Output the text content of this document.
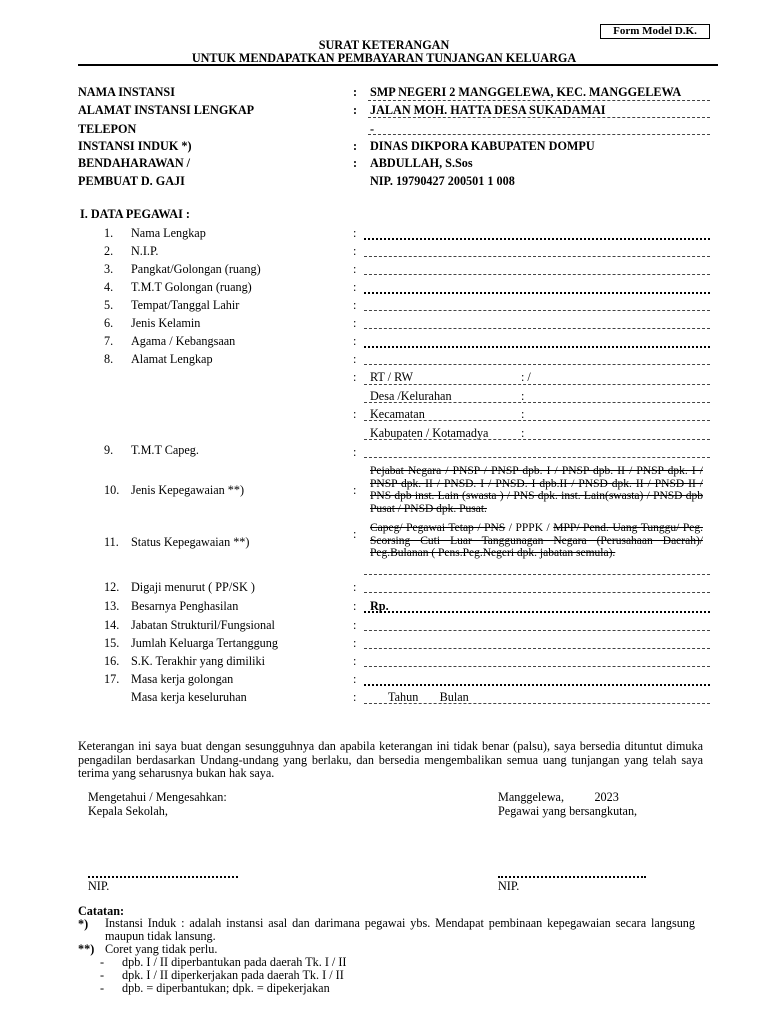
Form Model D.K.
SURAT KETERANGAN
UNTUK MENDAPATKAN PEMBAYARAN TUNJANGAN KELUARGA
NAMA INSTANSI	: SMP NEGERI 2 MANGGELEWA, KEC. MANGGELEWA
ALAMAT INSTANSI LENGKAP	: JALAN MOH. HATTA DESA SUKADAMAI
TELEPON	-
INSTANSI INDUK *)	: DINAS DIKPORA KABUPATEN DOMPU
BENDAHARAWAN /	: ABDULLAH, S.Sos
PEMBUAT D. GAJI	NIP. 19790427 200501 1 008
I. DATA PEGAWAI :
1. Nama Lengkap	:
2. N.I.P.	:
3. Pangkat/Golongan (ruang)	:
4. T.M.T Golongan (ruang)	:
5. Tempat/Tanggal Lahir	:
6. Jenis Kelamin	:
7. Agama / Kebangsaan	:
8. Alamat Lengkap	:
: RT / RW	: /
Desa /Kelurahan	:
: Kecamatan	:
Kabupaten / Kotamadya	:
9. T.M.T Capeg.	:
10. Jenis Kepegawaian **)	:
Pejabat Negara / PNSP / PNSP dpb. I / PNSP dpb. II / PNSP dpk. I / PNSP dpk. II / PNSD. I / PNSD. I dpb.II / PNSD dpk. II / PNSD II / PNS dpb inst. Lain (swasta ) / PNS dpk. inst. Lain(swasta) / PNSD dpb Pusat / PNSD dpk. Pusat.
11. Status Kepegawaian **)
: Capeg/ Pegawai Tetap / PNS / PPPK / MPP/ Pend. Uang Tunggu/ Peg. Scorsing Cuti Luar Tanggunagan Negara (Perusahaan Daerah)/ Peg.Bulanan ( Pens.Peg.Negeri dpk. jabatan semula).
12. Digaji menurut ( PP/SK )	:
13. Besarnya Penghasilan	: Rp.
14. Jabatan Strukturil/Fungsional	:
15. Jumlah Keluarga Tertanggung	:
16. S.K. Terakhir yang dimiliki	:
17. Masa kerja golongan	:
Masa kerja keseluruhan	:	Tahun       Bulan
Keterangan ini saya buat dengan sesungguhnya dan apabila keterangan ini tidak benar (palsu), saya bersedia dituntut dimuka pengadilan berdasarkan Undang-undang yang berlaku, dan bersedia mengembalikan semua uang tunjangan yang telah saya terima yang seharusnya bukan hak saya.
Mengetahui / Mengesahkan:
Kepala Sekolah,
NIP.
Manggelewa,          2023
Pegawai yang bersangkutan,
NIP.
Catatan:
*) Instansi Induk : adalah instansi asal dan darimana pegawai ybs. Mendapat pembinaan kepegawaian secara langsung maupun tidak lansung.
**) Coret yang tidak perlu.
- dpb. I / II diperbantukan pada daerah Tk. I / II
- dpk. I / II diperkerjakan pada daerah Tk. I / II
- dpb. = diperbantukan; dpk. = dipekerjakan
